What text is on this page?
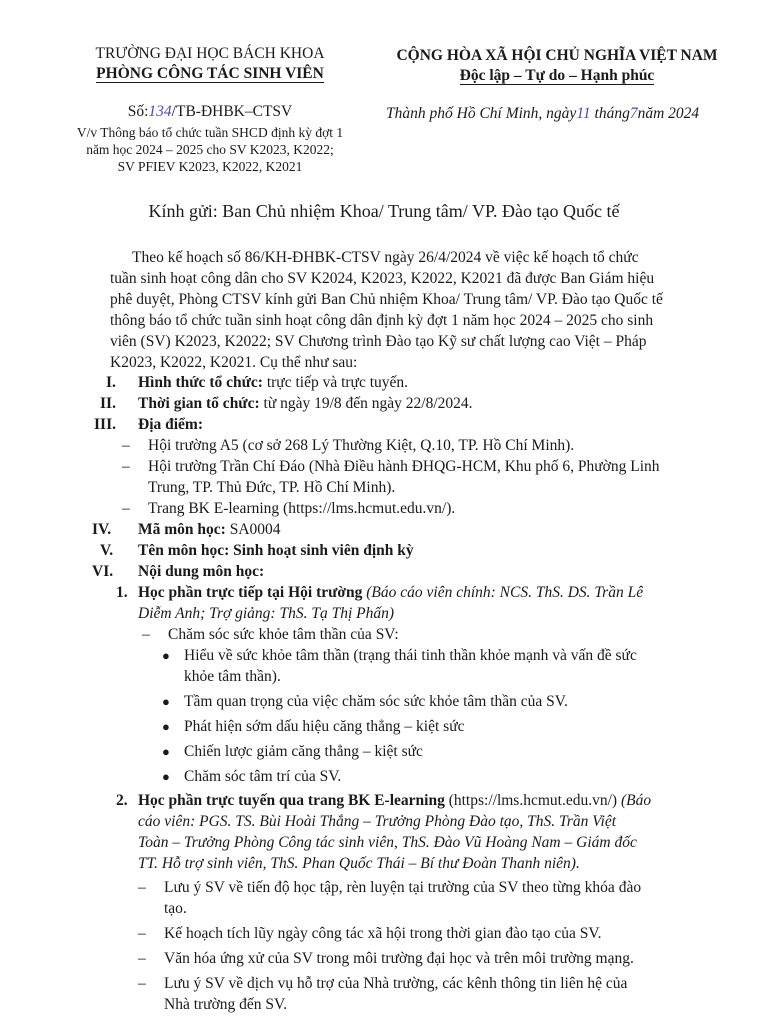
TRƯỜNG ĐẠI HỌC BÁCH KHOA
PHÒNG CÔNG TÁC SINH VIÊN
CỘNG HÒA XÃ HỘI CHỦ NGHĨA VIỆT NAM
Độc lập – Tự do – Hạnh phúc
Số:134/TB-ĐHBK–CTSV
V/v Thông báo tổ chức tuần SHCD định kỳ đợt 1
năm học 2024 – 2025 cho SV K2023, K2022;
SV PFIEV K2023, K2022, K2021
Thành phố Hồ Chí Minh, ngày11 tháng7năm 2024
Kính gửi: Ban Chủ nhiệm Khoa/ Trung tâm/ VP. Đào tạo Quốc tế
Theo kế hoạch số 86/KH-ĐHBK-CTSV ngày 26/4/2024 về việc kế hoạch tổ chức
tuần sinh hoạt công dân cho SV K2024, K2023, K2022, K2021 đã được Ban Giám hiệu
phê duyệt, Phòng CTSV kính gửi Ban Chủ nhiệm Khoa/ Trung tâm/ VP. Đào tạo Quốc tế
thông báo tổ chức tuần sinh hoạt công dân định kỳ đợt 1 năm học 2024 – 2025 cho sinh
viên (SV) K2023, K2022; SV Chương trình Đào tạo Kỹ sư chất lượng cao Việt – Pháp
K2023, K2022, K2021. Cụ thể như sau:
I. Hình thức tổ chức: trực tiếp và trực tuyến.
II. Thời gian tổ chức: từ ngày 19/8 đến ngày 22/8/2024.
III. Địa điểm:
– Hội trường A5 (cơ sở 268 Lý Thường Kiệt, Q.10, TP. Hồ Chí Minh).
– Hội trường Trần Chí Đáo (Nhà Điều hành ĐHQG-HCM, Khu phố 6, Phường Linh
Trung, TP. Thủ Đức, TP. Hồ Chí Minh).
– Trang BK E-learning (https://lms.hcmut.edu.vn/).
IV. Mã môn học: SA0004
V. Tên môn học: Sinh hoạt sinh viên định kỳ
VI. Nội dung môn học:
1. Học phần trực tiếp tại Hội trường (Báo cáo viên chính: NCS. ThS. DS. Trần Lê
Diễm Anh; Trợ giảng: ThS. Tạ Thị Phấn)
– Chăm sóc sức khỏe tâm thần của SV:
● Hiểu về sức khỏe tâm thần (trạng thái tinh thần khỏe mạnh và vấn đề sức
khỏe tâm thần).
● Tầm quan trọng của việc chăm sóc sức khỏe tâm thần của SV.
● Phát hiện sớm dấu hiệu căng thẳng – kiệt sức
● Chiến lược giảm căng thẳng – kiệt sức
● Chăm sóc tâm trí của SV.
2. Học phần trực tuyến qua trang BK E-learning (https://lms.hcmut.edu.vn/) (Báo
cáo viên: PGS. TS. Bùi Hoài Thắng – Trưởng Phòng Đào tạo, ThS. Trần Việt
Toàn – Trưởng Phòng Công tác sinh viên, ThS. Đào Vũ Hoàng Nam – Giám đốc
TT. Hỗ trợ sinh viên, ThS. Phan Quốc Thái – Bí thư Đoàn Thanh niên).
– Lưu ý SV về tiến độ học tập, rèn luyện tại trường của SV theo từng khóa đào
tạo.
– Kế hoạch tích lũy ngày công tác xã hội trong thời gian đào tạo của SV.
– Văn hóa ứng xử của SV trong môi trường đại học và trên môi trường mạng.
– Lưu ý SV về dịch vụ hỗ trợ của Nhà trường, các kênh thông tin liên hệ của
Nhà trường đến SV.
